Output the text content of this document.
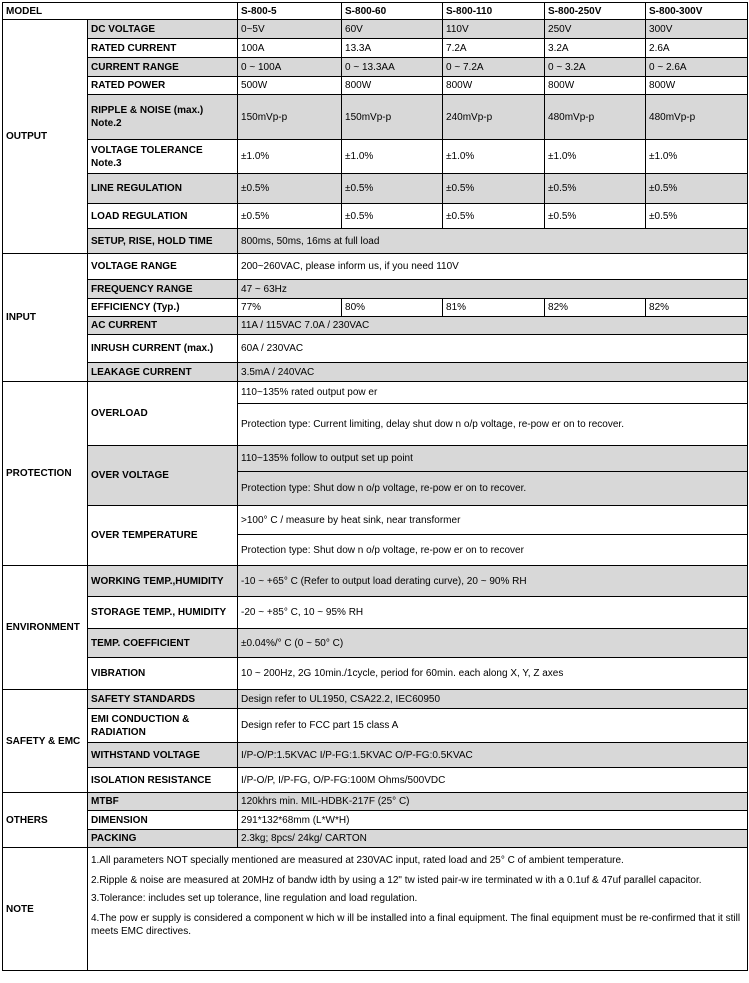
MODEL		S-800-5	S-800-60	S-800-110	S-800-250V	S-800-300V
OUTPUT	DC VOLTAGE	0~5V	60V	110V	250V	300V
	RATED CURRENT	100A	13.3A	7.2A	3.2A	2.6A
	CURRENT RANGE	0 ~ 100A	0 ~ 13.3AA	0 ~ 7.2A	0 ~ 3.2A	0 ~ 2.6A
	RATED POWER	500W	800W	800W	800W	800W
	RIPPLE & NOISE (max.) Note.2	150mVp-p	150mVp-p	240mVp-p	480mVp-p	480mVp-p
	VOLTAGE TOLERANCE Note.3	±1.0%	±1.0%	±1.0%	±1.0%	±1.0%
	LINE REGULATION	±0.5%	±0.5%	±0.5%	±0.5%	±0.5%
	LOAD REGULATION	±0.5%	±0.5%	±0.5%	±0.5%	±0.5%
	SETUP, RISE, HOLD TIME	800ms, 50ms, 16ms at full load				
INPUT	VOLTAGE RANGE	200~260VAC, please inform us, if you need 110V				
	FREQUENCY RANGE	47 ~ 63Hz				
	EFFICIENCY (Typ.)	77%	80%	81%	82%	82%
	AC CURRENT	11A / 115VAC 7.0A / 230VAC				
	INRUSH CURRENT (max.)	60A / 230VAC				
	LEAKAGE CURRENT	3.5mA / 240VAC				
PROTECTION	OVERLOAD	110~135% rated output pow er				
		Protection type: Current limiting, delay shut dow n o/p voltage, re-pow er on to recover.				
	OVER VOLTAGE	110~135% follow to output set up point				
		Protection type: Shut dow n o/p voltage, re-pow er on to recover.				
	OVER TEMPERATURE	>100° C / measure by heat sink, near transformer				
		Protection type: Shut dow n o/p voltage, re-pow er on to recover				
ENVIRONMENT	WORKING TEMP.,HUMIDITY	-10 ~ +65° C (Refer to output load derating curve), 20 ~ 90% RH				
	STORAGE TEMP., HUMIDITY	-20 ~ +85° C, 10 ~ 95% RH				
	TEMP. COEFFICIENT	±0.04%/° C (0 ~ 50° C)				
	VIBRATION	10 ~ 200Hz, 2G 10min./1cycle, period for 60min. each along X, Y, Z axes				
SAFETY & EMC	SAFETY STANDARDS	Design refer to UL1950, CSA22.2, IEC60950				
	EMI CONDUCTION & RADIATION	Design refer to FCC part 15 class A				
	WITHSTAND VOLTAGE	I/P-O/P:1.5KVAC I/P-FG:1.5KVAC O/P-FG:0.5KVAC				
	ISOLATION RESISTANCE	I/P-O/P, I/P-FG, O/P-FG:100M Ohms/500VDC				
OTHERS	MTBF	120khrs min. MIL-HDBK-217F (25° C)				
	DIMENSION	291*132*68mm (L*W*H)				
	PACKING	2.3kg; 8pcs/ 24kg/ CARTON				
NOTE	1.All parameters NOT specially mentioned are measured at 230VAC input, rated load and 25° C of ambient temperature.
2.Ripple & noise are measured at 20MHz of bandw idth by using a 12" tw isted pair-w ire terminated w ith a 0.1uf & 47uf parallel capacitor.
3.Tolerance: includes set up tolerance, line regulation and load regulation.
4.The pow er supply is considered a component w hich w ill be installed into a final equipment. The final equipment must be re-confirmed that it still meets EMC directives.					
